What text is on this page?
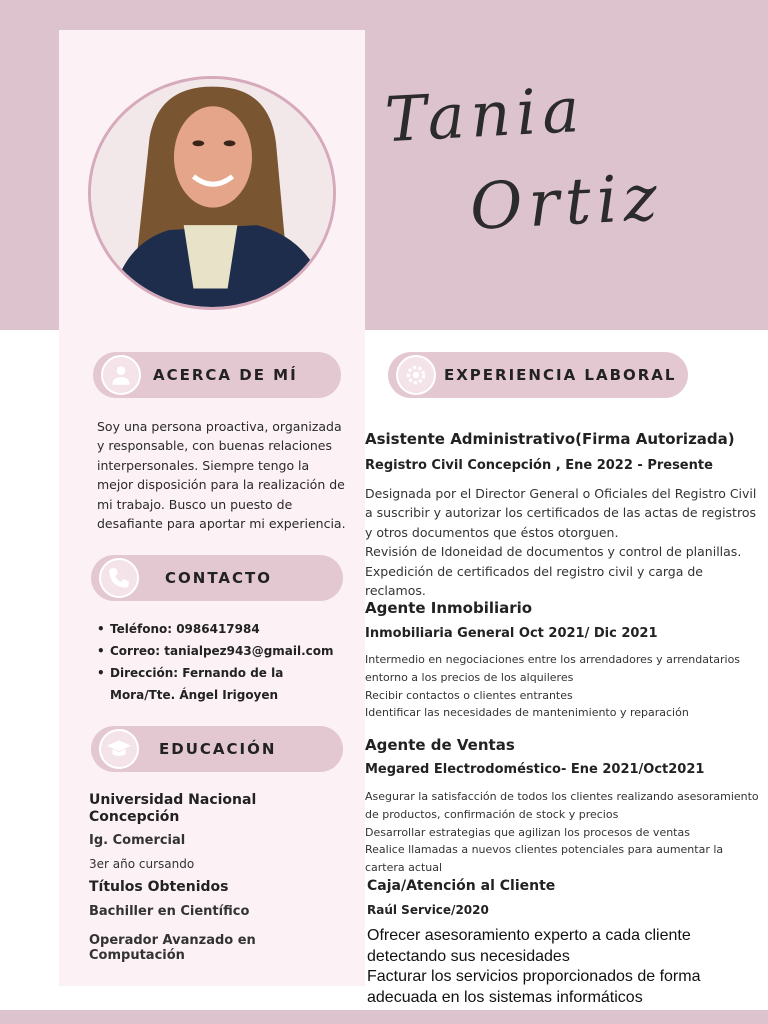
Tania
Ortiz
ACERCA DE MÍ
Soy una persona proactiva, organizada y responsable, con buenas relaciones interpersonales. Siempre tengo la mejor disposición para la realización de mi trabajo. Busco un puesto de desafiante para aportar mi experiencia.
CONTACTO
• Teléfono: 0986417984
• Correo: tanialpez943@gmail.com
• Dirección: Fernando de la Mora/Tte. Ángel Irigoyen
EDUCACIÓN
Universidad Nacional Concepción
Ig. Comercial
3er año cursando
Títulos Obtenidos
Bachiller en Científico
Operador Avanzado en Computación
EXPERIENCIA LABORAL
Asistente Administrativo(Firma Autorizada)
Registro Civil Concepción , Ene 2022 - Presente
Designada por el Director General o Oficiales del Registro Civil a suscribir y autorizar los certificados de las actas de registros y otros documentos que éstos otorguen.
Revisión de Idoneidad de documentos y control de planillas.
Expedición de certificados del registro civil y carga de reclamos.
Agente Inmobiliario
Inmobiliaria General Oct 2021/ Dic 2021
Intermedio en negociaciones entre los arrendadores y arrendatarios entorno a los precios de los alquileres
Recibir contactos o clientes entrantes
Identificar las necesidades de mantenimiento y reparación
Agente de Ventas
Megared Electrodoméstico- Ene 2021/Oct2021
Asegurar la satisfacción de todos los clientes realizando asesoramiento de productos, confirmación de stock y precios
Desarrollar estrategias que agilizan los procesos de ventas
Realice llamadas a nuevos clientes potenciales para aumentar la cartera actual
Caja/Atención al Cliente
Raúl Service/2020
Ofrecer asesoramiento experto a cada cliente detectando sus necesidades
Facturar los servicios proporcionados de forma adecuada en los sistemas informáticos
